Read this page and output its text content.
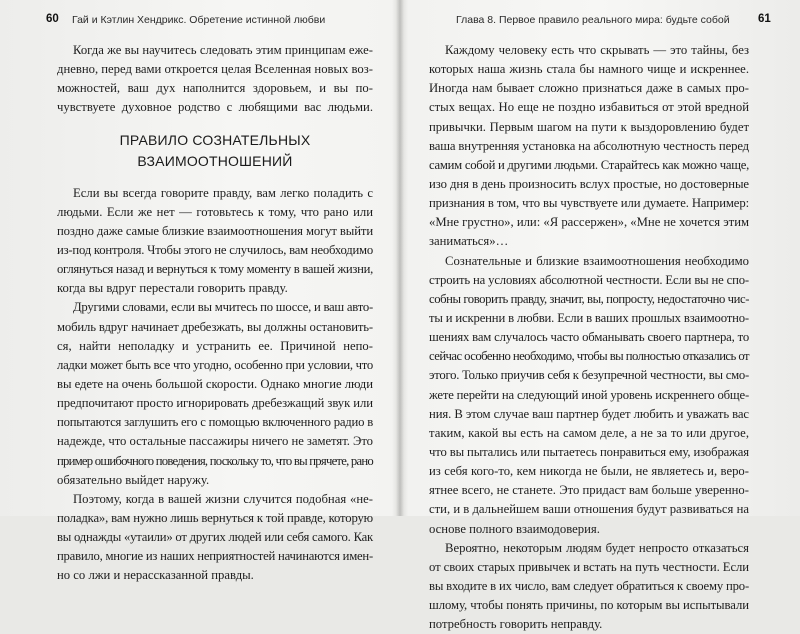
60 Гай и Кэтлин Хендрикс. Обретение истинной любви
Когда же вы научитесь следовать этим принципам еже-
дневно, перед вами откроется целая Вселенная новых воз-
можностей, ваш дух наполнится здоровьем, и вы по-
чувствуете духовное родство с любящими вас людьми.
ПРАВИЛО СОЗНАТЕЛЬНЫХ
ВЗАИМООТНОШЕНИЙ
Если вы всегда говорите правду, вам легко поладить с
людьми. Если же нет — готовьтесь к тому, что рано или
поздно даже самые близкие взаимоотношения могут выйти
из-под контроля. Чтобы этого не случилось, вам необходимо
оглянуться назад и вернуться к тому моменту в вашей жизни,
когда вы вдруг перестали говорить правду.
Другими словами, если вы мчитесь по шоссе, и ваш авто-
мобиль вдруг начинает дребезжать, вы должны остановить-
ся, найти неполадку и устранить ее. Причиной непо-
ладки может быть все что угодно, особенно при условии, что
вы едете на очень большой скорости. Однако многие люди
предпочитают просто игнорировать дребезжащий звук или
попытаются заглушить его с помощью включенного радио в
надежде, что остальные пассажиры ничего не заметят. Это
пример ошибочного поведения, поскольку то, что вы прячете, рано
обязательно выйдет наружу.
Поэтому, когда в вашей жизни случится подобная «не-
поладка», вам нужно лишь вернуться к той правде, которую
вы однажды «утаили» от других людей или себя самого. Как
правило, многие из наших неприятностей начинаются имен-
но со лжи и нерассказанной правды.
Глава 8. Первое правило реального мира: будьте собой 61
Каждому человеку есть что скрывать — это тайны, без
которых наша жизнь стала бы намного чище и искреннее.
Иногда нам бывает сложно признаться даже в самых про-
стых вещах. Но еще не поздно избавиться от этой вредной
привычки. Первым шагом на пути к выздоровлению будет
ваша внутренняя установка на абсолютную честность перед
самим собой и другими людьми. Старайтесь как можно чаще,
изо дня в день произносить вслух простые, но достоверные
признания в том, что вы чувствуете или думаете. Например:
«Мне грустно», или: «Я рассержен», «Мне не хочется этим
заниматься»…
Сознательные и близкие взаимоотношения необходимо
строить на условиях абсолютной честности. Если вы не спо-
собны говорить правду, значит, вы, попросту, недостаточно чис-
ты и искренни в любви. Если в ваших прошлых взаимоотно-
шениях вам случалось часто обманывать своего партнера, то
сейчас особенно необходимо, чтобы вы полностью отказались от
этого. Только приучив себя к безупречной честности, вы смо-
жете перейти на следующий иной уровень искреннего обще-
ния. В этом случае ваш партнер будет любить и уважать вас
таким, какой вы есть на самом деле, а не за то или другое,
что вы пытались или пытаетесь понравиться ему, изображая
из себя кого-то, кем никогда не были, не являетесь и, веро-
ятнее всего, не станете. Это придаст вам больше уверенно-
сти, и в дальнейшем ваши отношения будут развиваться на
основе полного взаимодоверия.
Вероятно, некоторым людям будет непросто отказаться
от своих старых привычек и встать на путь честности. Если
вы входите в их число, вам следует обратиться к своему про-
шлому, чтобы понять причины, по которым вы испытывали
потребность говорить неправду.
